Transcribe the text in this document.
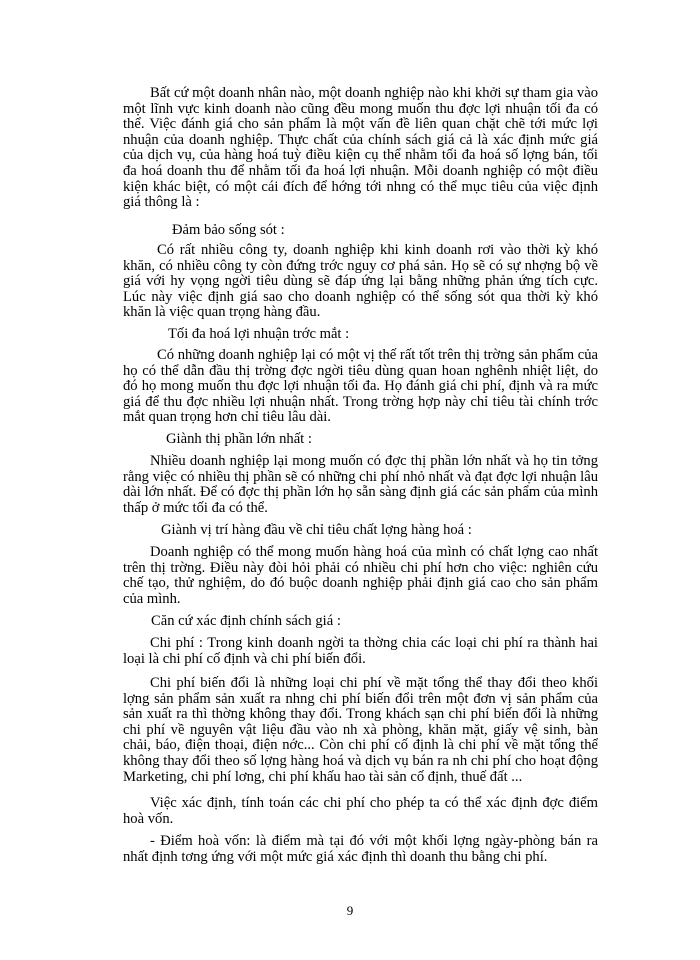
Bất cứ một doanh nhân nào, một doanh nghiệp nào khi khởi sự tham gia vào một lĩnh vực kinh doanh nào cũng đều mong muốn thu đợc lợi nhuận tối đa có thể. Việc đánh giá cho sản phẩm là một vấn đề liên quan chặt chẽ tới mức lợi nhuận của doanh nghiệp. Thực chất của chính sách giá cả là xác định mức giá của dịch vụ, của hàng hoá tuỳ điều kiện cụ thể nhằm tối đa hoá số lợng bán, tối đa hoá doanh thu để nhằm tối đa hoá lợi nhuận. Mỗi doanh nghiệp có một điều kiện khác biệt, có một cái đích để hớng tới nhng có thể mục tiêu của việc định giá thông là :

Đảm bảo sống sót :

Có rất nhiều công ty, doanh nghiệp khi kinh doanh rơi vào thời kỳ khó khăn, có nhiều công ty còn đứng trớc nguy cơ phá sản. Họ sẽ có sự nhợng bộ về giá với hy vọng ngời tiêu dùng sẽ đáp ứng lại bằng những phản ứng tích cực. Lúc này việc định giá sao cho doanh nghiệp có thể sống sót qua thời kỳ khó khăn là việc quan trọng hàng đầu.

Tối đa hoá lợi nhuận trớc mắt :

Có những doanh nghiệp lại có một vị thế rất tốt trên thị trờng sản phẩm của họ có thể dẫn đầu thị trờng đợc ngời tiêu dùng quan hoan nghênh nhiệt liệt, do đó họ mong muốn thu đợc lợi nhuận tối đa. Họ đánh giá chi phí, định và ra mức giá để thu đợc nhiều lợi nhuận nhất. Trong trờng hợp này chỉ tiêu tài chính trớc mắt quan trọng hơn chỉ tiêu lâu dài.

Giành thị phần lớn nhất :

Nhiều doanh nghiệp lại mong muốn có đợc thị phần lớn nhất và họ tin tởng rằng việc có nhiều thị phần sẽ có những chi phí nhỏ nhất và đạt đợc lợi nhuận lâu dài lớn nhất. Để có đợc thị phần lớn họ sẵn sàng định giá các sản phẩm của mình thấp ở mức tối đa có thể.

Giành vị trí hàng đầu về chỉ tiêu chất lợng hàng hoá :

Doanh nghiệp có thể mong muốn hàng hoá của mình có chất lợng cao nhất trên thị trờng. Điều này đòi hỏi phải có nhiều chi phí hơn cho việc: nghiên cứu chế tạo, thử nghiệm, do đó buộc doanh nghiệp phải định giá cao cho sản phẩm của mình.

Căn cứ xác định chính sách giá :

Chi phí : Trong kinh doanh ngời ta thờng chia các loại chi phí ra thành hai loại là chi phí cố định và chi phí biến đổi.

Chi phí biến đổi là những loại chi phí về mặt tổng thể thay đổi theo khối lợng sản phẩm sản xuất ra nhng chi phí biến đổi trên một đơn vị sản phẩm của sản xuất ra thì thờng không thay đổi. Trong khách sạn chi phí biến đổi là những chi phí về nguyên vật liệu đầu vào nh xà phòng, khăn mặt, giấy vệ sinh, bàn chải, báo, điện thoại, điện nớc... Còn chi phí cố định là chi phí về mặt tổng thể không thay đổi theo số lợng hàng hoá và dịch vụ bán ra nh chi phí cho hoạt động Marketing, chi phí lơng, chi phí khấu hao tài sản cố định, thuế đất ...

Việc xác định, tính toán các chi phí cho phép ta có thể xác định đợc điểm hoà vốn.

- Điểm hoà vốn: là điểm mà tại đó với một khối lợng ngày-phòng bán ra nhất định tơng ứng với một mức giá xác định thì doanh thu bằng chi phí.

9
